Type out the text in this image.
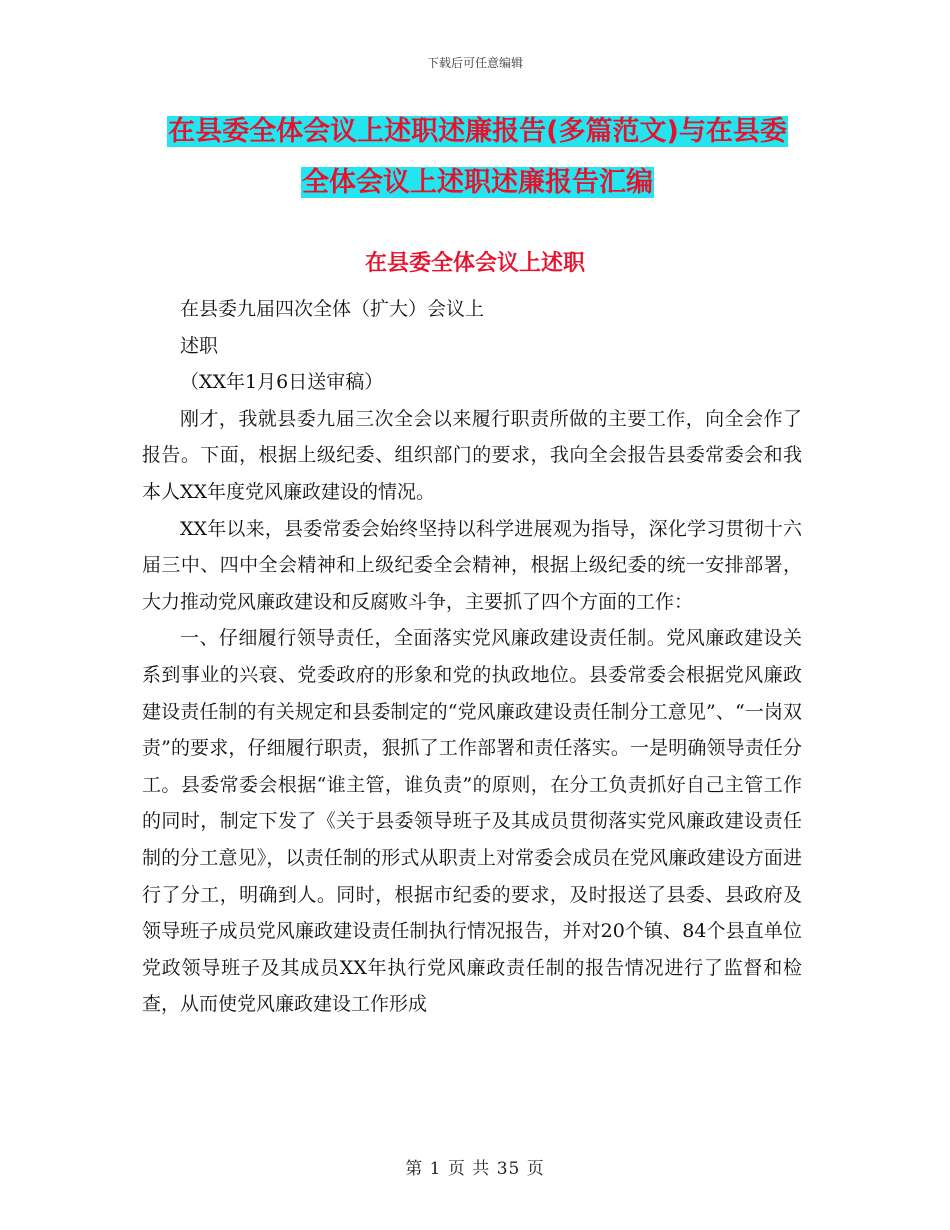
下载后可任意编辑
在县委全体会议上述职述廉报告(多篇范文)与在县委
全体会议上述职述廉报告汇编
在县委全体会议上述职

在县委九届四次全体（扩大）会议上

述职

（XX年1月6日送审稿）

刚才，我就县委九届三次全会以来履行职责所做的主要工作，向全会作了报告。下面，根据上级纪委、组织部门的要求，我向全会报告县委常委会和我本人XX年度党风廉政建设的情况。

XX年以来，县委常委会始终坚持以科学进展观为指导，深化学习贯彻十六届三中、四中全会精神和上级纪委全会精神，根据上级纪委的统一安排部署，大力推动党风廉政建设和反腐败斗争，主要抓了四个方面的工作：

一、仔细履行领导责任，全面落实党风廉政建设责任制。党风廉政建设关系到事业的兴衰、党委政府的形象和党的执政地位。县委常委会根据党风廉政建设责任制的有关规定和县委制定的“党风廉政建设责任制分工意见”、“一岗双责”的要求，仔细履行职责，狠抓了工作部署和责任落实。一是明确领导责任分工。县委常委会根据“谁主管，谁负责”的原则，在分工负责抓好自己主管工作的同时，制定下发了《关于县委领导班子及其成员贯彻落实党风廉政建设责任制的分工意见》，以责任制的形式从职责上对常委会成员在党风廉政建设方面进行了分工，明确到人。同时，根据市纪委的要求，及时报送了县委、县政府及领导班子成员党风廉政建设责任制执行情况报告，并对20个镇、84个县直单位党政领导班子及其成员XX年执行党风廉政责任制的报告情况进行了监督和检查，从而使党风廉政建设工作形成

第 1 页 共 35 页
